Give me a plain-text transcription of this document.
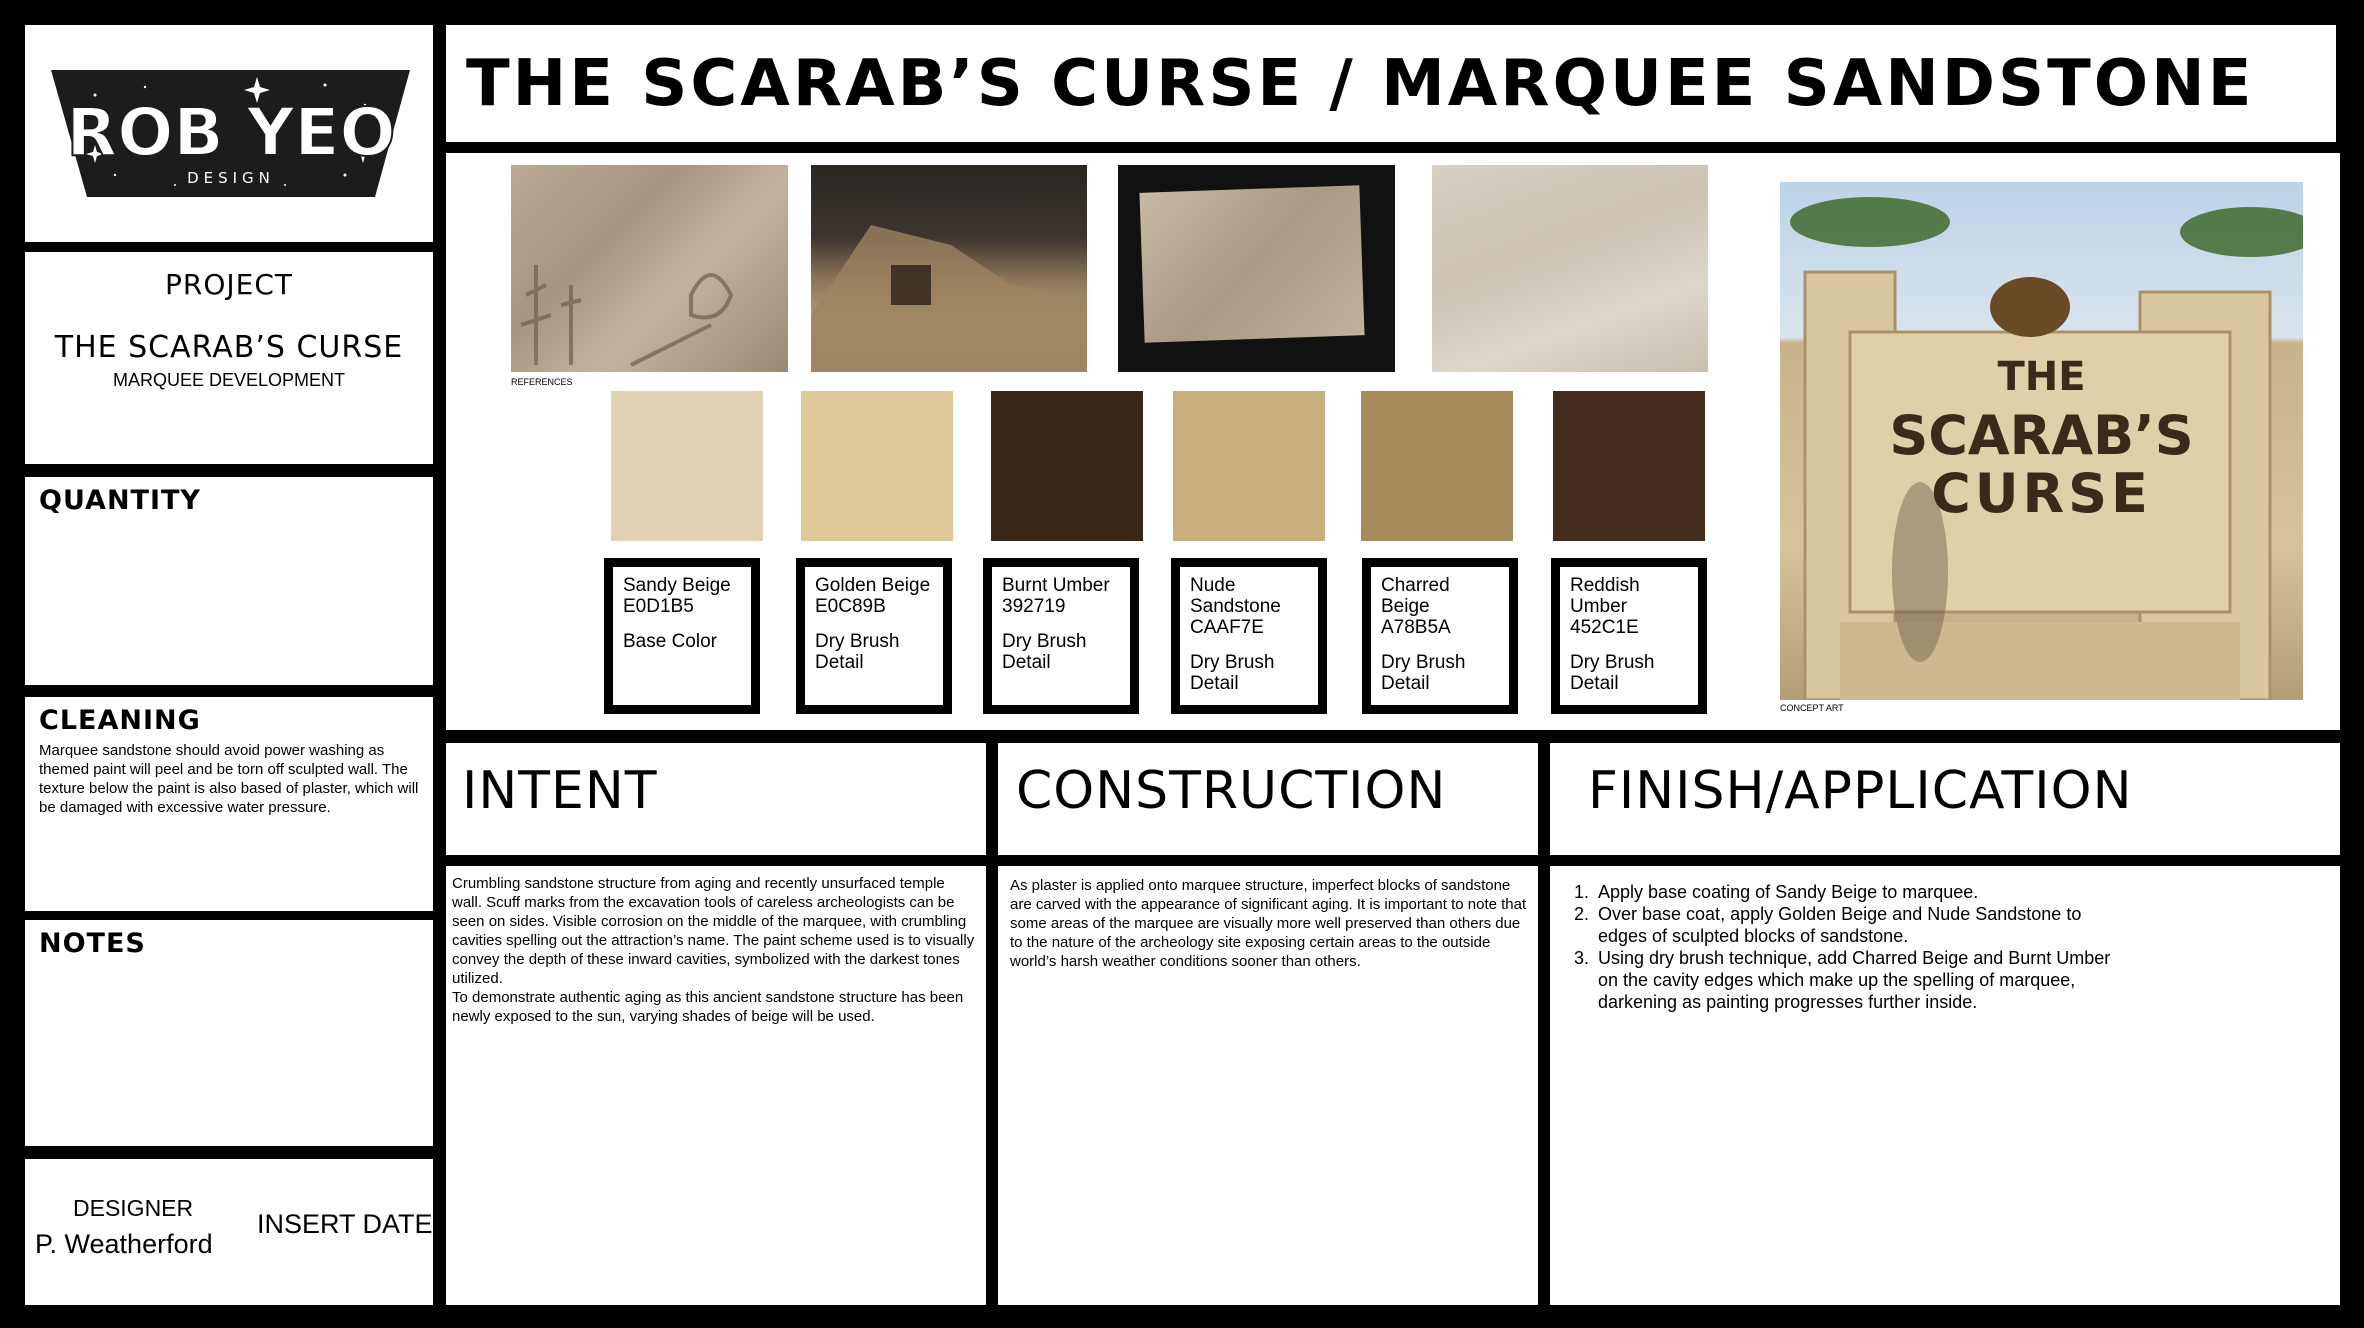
ROB YEO
DESIGN
PROJECT
THE SCARAB’S CURSE
MARQUEE DEVELOPMENT
QUANTITY
CLEANING
Marquee sandstone should avoid power washing as themed paint will peel and be torn off sculpted wall. The texture below the paint is also based of plaster, which will be damaged with excessive water pressure.
NOTES
DESIGNER
P. Weatherford
INSERT DATE
THE SCARAB’S CURSE / MARQUEE SANDSTONE
REFERENCES	THE
SCARAB’S
CURSE
CONCEPT ART
Sandy Beige
E0D1B5
Base Color
Golden Beige
E0C89B
Dry Brush
Detail
Burnt Umber
392719
Dry Brush
Detail
Nude Sandstone
CAAF7E
Dry Brush
Detail
Charred Beige
A78B5A
Dry Brush
Detail
Reddish Umber
452C1E
Dry Brush
Detail
INTENT
Crumbling sandstone structure from aging and recently unsurfaced temple wall. Scuff marks from the excavation tools of careless archeologists can be seen on sides. Visible corrosion on the middle of the marquee, with crumbling cavities spelling out the attraction’s name. The paint scheme used is to visually convey the depth of these inward cavities, symbolized with the darkest tones utilized.
To demonstrate authentic aging as this ancient sandstone structure has been newly exposed to the sun, varying shades of beige will be used.
CONSTRUCTION
As plaster is applied onto marquee structure, imperfect blocks of sandstone are carved with the appearance of significant aging. It is important to note that some areas of the marquee are visually more well preserved than others due to the nature of the archeology site exposing certain areas to the outside world’s harsh weather conditions sooner than others.
FINISH/APPLICATION
1. Apply base coating of Sandy Beige to marquee.
2. Over base coat, apply Golden Beige and Nude Sandstone to edges of sculpted blocks of sandstone.
3. Using dry brush technique, add Charred Beige and Burnt Umber on the cavity edges which make up the spelling of marquee, darkening as painting progresses further inside.
